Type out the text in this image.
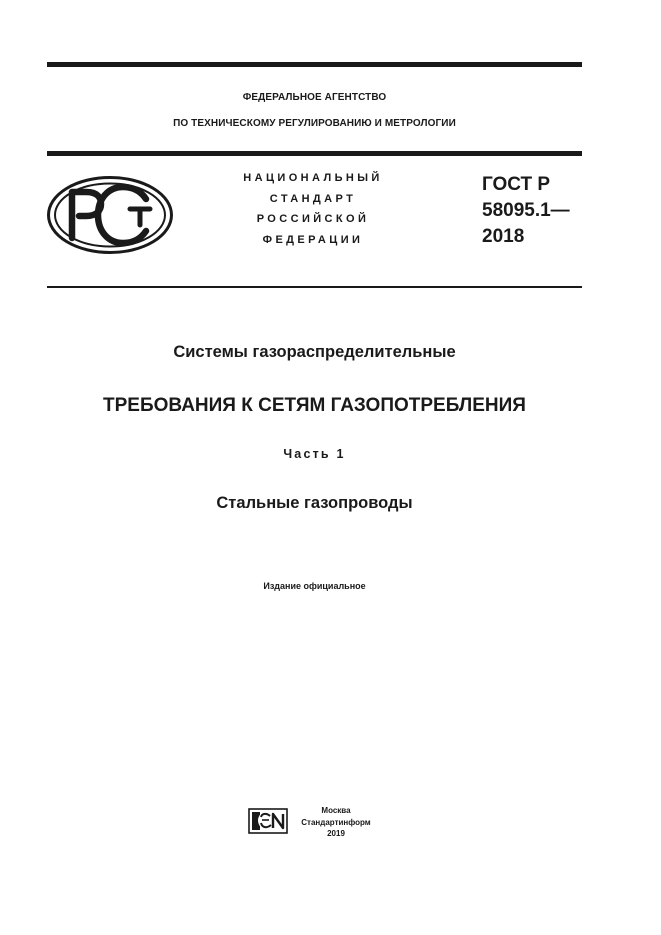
ФЕДЕРАЛЬНОЕ АГЕНТСТВО
ПО ТЕХНИЧЕСКОМУ РЕГУЛИРОВАНИЮ И МЕТРОЛОГИИ
НАЦИОНАЛЬНЫЙ
СТАНДАРТ
РОССИЙСКОЙ
ФЕДЕРАЦИИ
ГОСТ Р
58095.1—
2018
Системы газораспределительные
ТРЕБОВАНИЯ К СЕТЯМ ГАЗОПОТРЕБЛЕНИЯ
Часть 1
Стальные газопроводы
Издание официальное
Москва
Стандартинформ
2019
